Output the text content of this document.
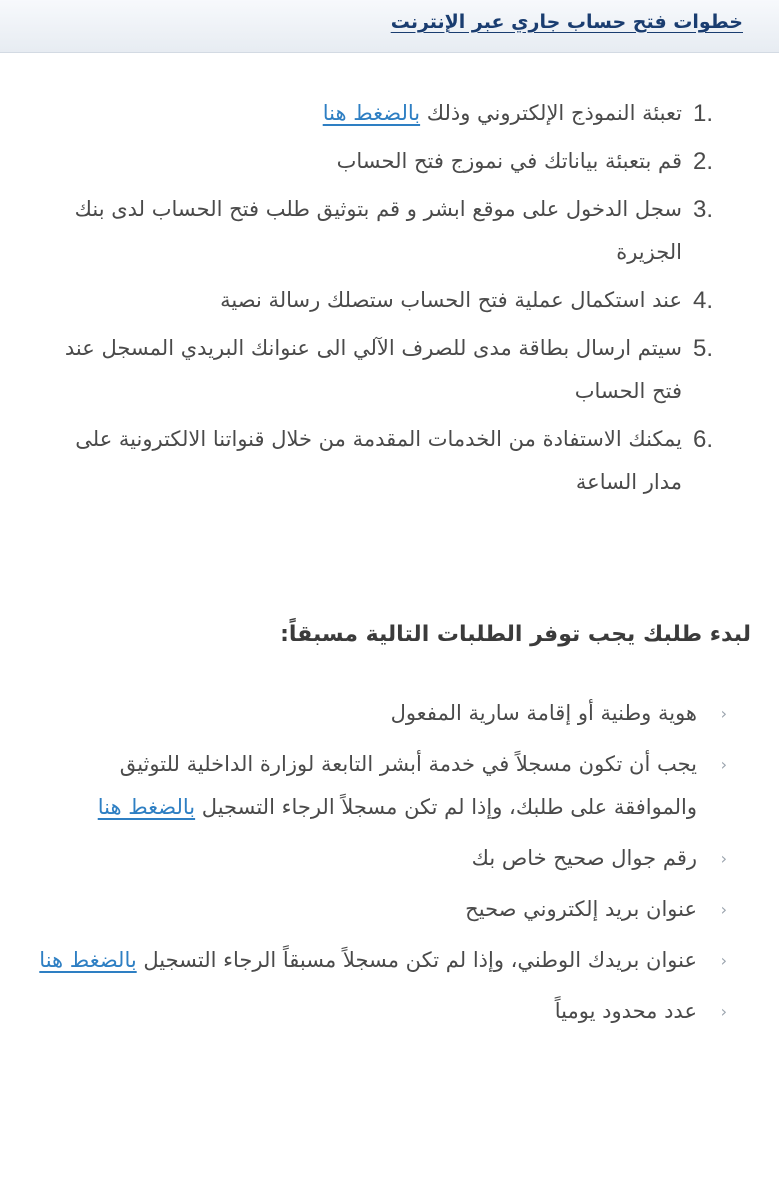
خطوات فتح حساب جاري عبر الإنترنت
1.
تعبئة النموذج الإلكتروني وذلك بالضغط هنا
2.
قم بتعبئة بياناتك في نموزج فتح الحساب
3.
سجل الدخول على موقع ابشر و قم بتوثيق طلب فتح الحساب لدى بنك الجزيرة
4.
عند استكمال عملية فتح الحساب ستصلك رسالة نصية
5.
سيتم ارسال بطاقة مدى للصرف الآلي الى عنوانك البريدي المسجل عند فتح الحساب
6.
يمكنك الاستفادة من الخدمات المقدمة من خلال قنواتنا الالكترونية على مدار الساعة
لبدء طلبك يجب توفر الطلبات التالية مسبقاً:
‹
هوية وطنية أو إقامة سارية المفعول
‹
يجب أن تكون مسجلاً في خدمة أبشر التابعة لوزارة الداخلية للتوثيق والموافقة على طلبك، وإذا لم تكن مسجلاً الرجاء التسجيل بالضغط هنا
‹
رقم جوال صحيح خاص بك
‹
عنوان بريد إلكتروني صحيح
‹
عنوان بريدك الوطني، وإذا لم تكن مسجلاً مسبقاً الرجاء التسجيل بالضغط هنا
‹
عدد محدود يومياً
